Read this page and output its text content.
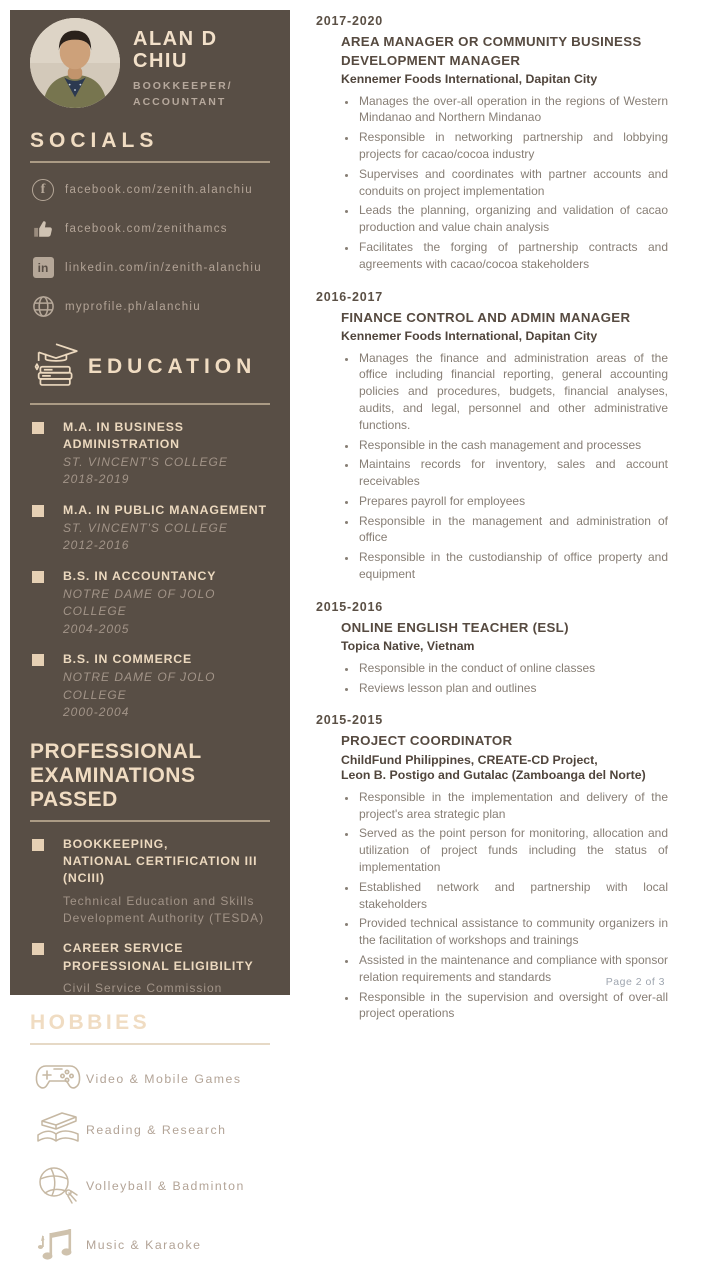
ALAN D CHIU
BOOKKEEPER/
ACCOUNTANT
SOCIALS
f	facebook.com/zenith.alanchiu
facebook.com/zenithamcs
in	linkedin.com/in/zenith-alanchiu
myprofile.ph/alanchiu
EDUCATION
M.A. IN BUSINESS ADMINISTRATION
ST. VINCENT'S COLLEGE
2018-2019
M.A. IN PUBLIC MANAGEMENT
ST. VINCENT'S COLLEGE
2012-2016
B.S. IN ACCOUNTANCY
NOTRE DAME OF JOLO COLLEGE
2004-2005
B.S. IN COMMERCE
NOTRE DAME OF JOLO COLLEGE
2000-2004
PROFESSIONAL EXAMINATIONS PASSED
BOOKKEEPING,
NATIONAL CERTIFICATION III
(NCIII)
Technical Education and Skills
Development Authority (TESDA)
CAREER SERVICE
PROFESSIONAL ELIGIBILITY
Civil Service Commission
HOBBIES
Video & Mobile Games
Reading & Research
Volleyball & Badminton
Music & Karaoke
2017-2020
AREA MANAGER OR COMMUNITY BUSINESS DEVELOPMENT MANAGER
Kennemer Foods International, Dapitan City
• Manages the over-all operation in the regions of Western Mindanao and Northern Mindanao
• Responsible in networking partnership and lobbying projects for cacao/cocoa industry
• Supervises and coordinates with partner accounts and conduits on project implementation
• Leads the planning, organizing and validation of cacao production and value chain analysis
• Facilitates the forging of partnership contracts and agreements with cacao/cocoa stakeholders
2016-2017
FINANCE CONTROL AND ADMIN MANAGER
Kennemer Foods International, Dapitan City
• Manages the finance and administration areas of the office including financial reporting, general accounting policies and procedures, budgets, financial analyses, audits, and legal, personnel and other administrative functions.
• Responsible in the cash management and processes
• Maintains records for inventory, sales and account receivables
• Prepares payroll for employees
• Responsible in the management and administration of office
• Responsible in the custodianship of office property and equipment
2015-2016
ONLINE ENGLISH TEACHER (ESL)
Topica Native, Vietnam
• Responsible in the conduct of online classes
• Reviews lesson plan and outlines
2015-2015
PROJECT COORDINATOR
ChildFund Philippines, CREATE-CD Project,
Leon B. Postigo and Gutalac (Zamboanga del Norte)
• Responsible in the implementation and delivery of the project's area strategic plan
• Served as the point person for monitoring, allocation and utilization of project funds including the status of implementation
• Established network and partnership with local stakeholders
• Provided technical assistance to community organizers in the facilitation of workshops and trainings
• Assisted in the maintenance and compliance with sponsor relation requirements and standards
• Responsible in the supervision and oversight of over-all project operations
Page 2 of 3
